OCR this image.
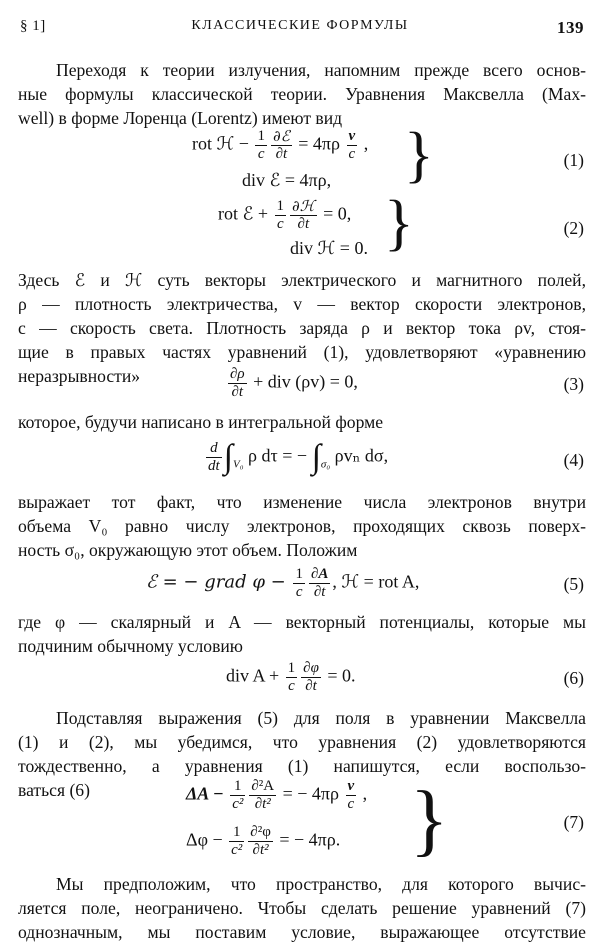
§ 1]	КЛАССИЧЕСКИЕ ФОРМУЛЫ	139
Переходя к теории излучения, напомним прежде всего основ-
ные формулы классической теории. Уравнения Максвелла (Max-
well) в форме Лоренца (Lorentz) имеют вид
rot ℋ − $\frac{1}{c} \frac{\text{∂ℰ}}{\partial t} = 4\pi\rho \frac{v}{c}$ ,
div ℰ = 4πρ, }	(1)
rot ℰ + $\frac{1}{c} \frac{\text{∂ℋ}}{\partial t} = 0$,
div ℋ = 0. }	(2)
Здесь ℰ и ℋ суть векторы электрического и магнитного полей,
ρ — плотность электричества, v — вектор скорости электронов,
c — скорость света. Плотность заряда ρ и вектор тока ρv, стоя-
щие в правых частях уравнений (1), удовлетворяют «уравнению
неразрывности»	$\frac{\partial\rho}{\partial t}$ + div (ρv) = 0,	(3)
которое, будучи написано в интегральной форме
$\frac{d}{dt} \int_{V_0}$ ρ dτ = − $\int_{\sigma_0}$ ρvₙ dσ,	(4)
выражает тот факт, что изменение числа электронов внутри
объема V₀ равно числу электронов, проходящих сквозь поверх-
ность σ₀, окружающую этот объем. Положим
ℰ = − grad $\varphi - \frac{1}{c} \frac{\partial A}{\partial t}$ , ℋ = rot A,	(5)
где φ — скалярный и A — векторный потенциалы, которые мы
подчиним обычному условию
div $A + \frac{1}{c} \frac{\partial\varphi}{\partial t} = 0$.	(6)
Подставляя выражения (5) для поля в уравнении Максвелла
(1) и (2), мы убедимся, что уравнения (2) удовлетворяются
тождественно, а уравнения (1) напишутся, если воспользо-
ваться (6)	$\Delta A - \frac{1}{\text{c²}} \frac{\text{∂²A}}{\text{∂t²}}$ = − $4\pi\rho \frac{v}{c}$ ,
$\Delta\varphi - \frac{1}{\text{c²}} \frac{\text{∂²φ}}{\text{∂t²}}$ = − 4πρ. }	(7)
Мы предположим, что пространство, для которого вычис-
ляется поле, неограничено. Чтобы сделать решение уравнений (7)
однозначным, мы поставим условие, выражающее отсутствие
